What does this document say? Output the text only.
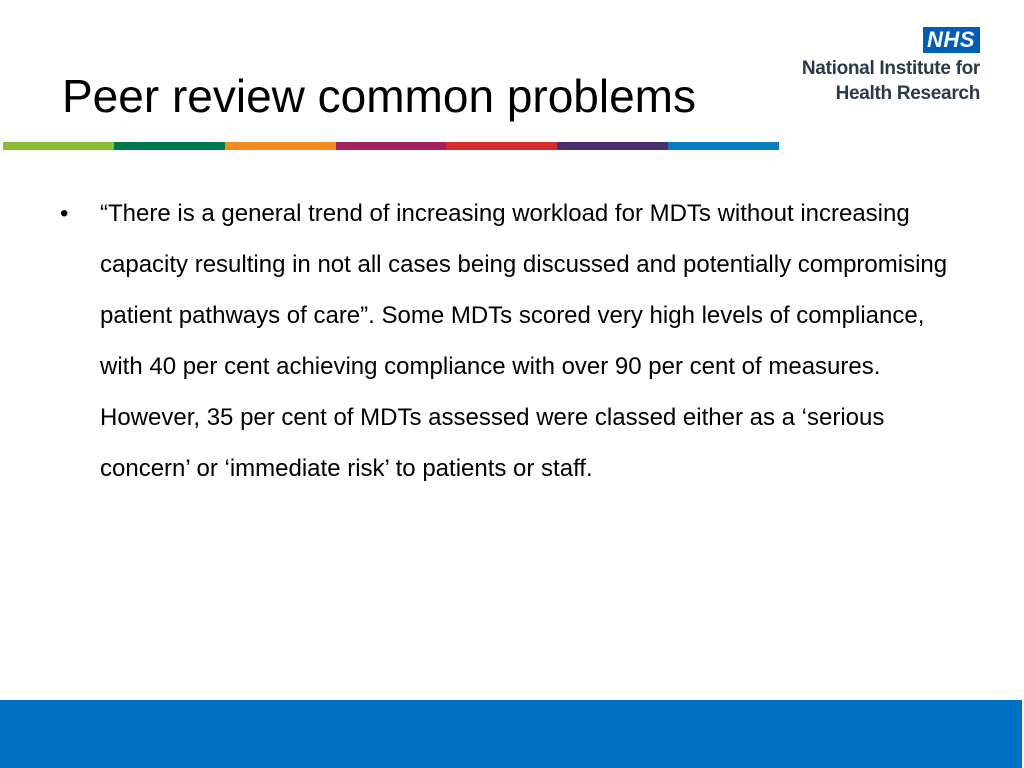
Peer review common problems
NHS
National Institute for
Health Research
•	“There is a general trend of increasing workload for MDTs without increasing capacity resulting in not all cases being discussed and potentially compromising patient pathways of care”. Some MDTs scored very high levels of compliance, with 40 per cent achieving compliance with over 90 per cent of measures. However, 35 per cent of MDTs assessed were classed either as a ‘serious concern’ or ‘immediate risk’ to patients or staff.
